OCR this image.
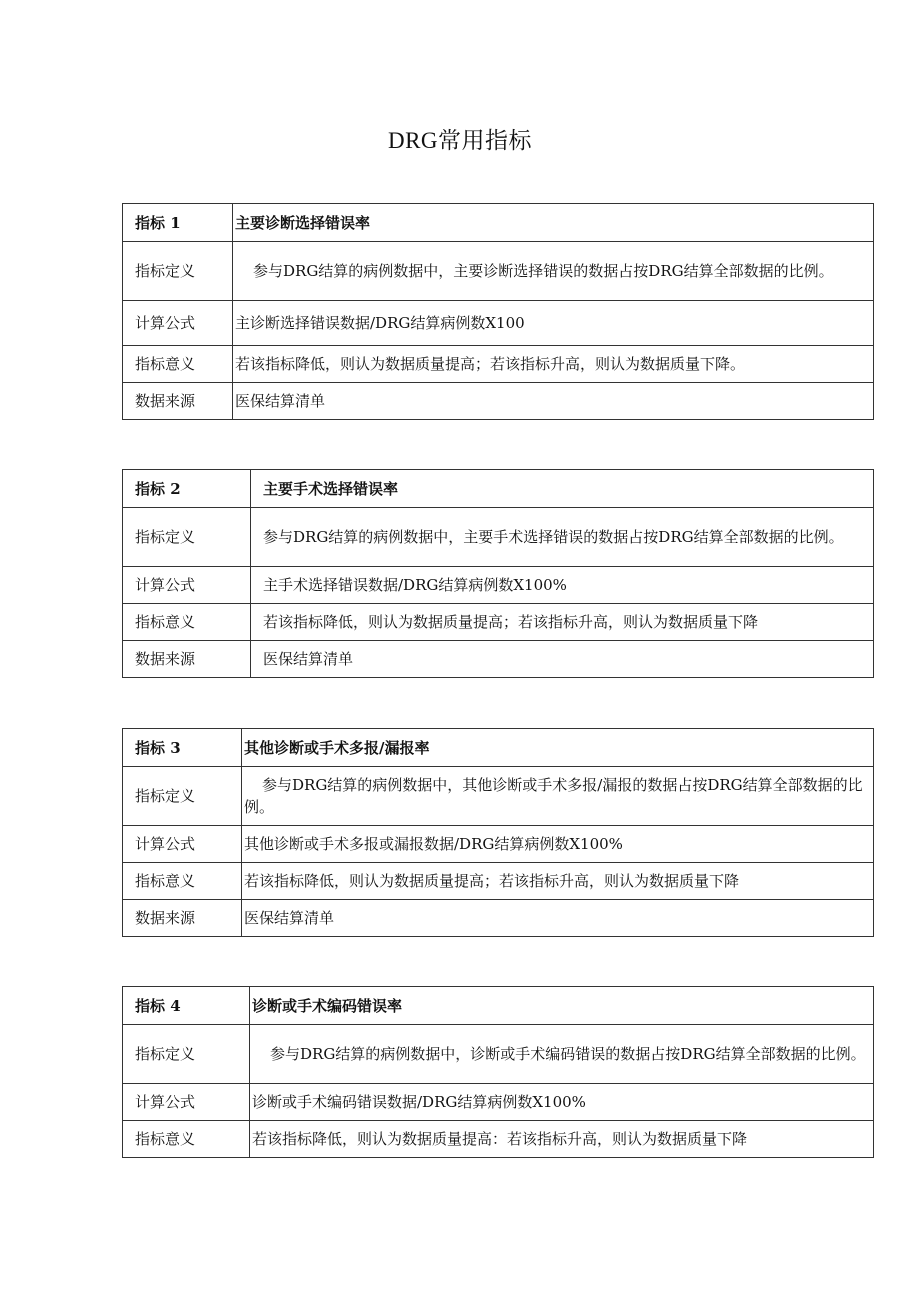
DRG常用指标
指标 1	主要诊断选择错误率
指标定义	参与DRG结算的病例数据中，主要诊断选择错误的数据占按DRG结算全部数据的比例。
计算公式	主诊断选择错误数据/DRG结算病例数X100
指标意义	若该指标降低，则认为数据质量提高；若该指标升高，则认为数据质量下降。
数据来源	医保结算清单
指标 2	主要手术选择错误率
指标定义	参与DRG结算的病例数据中，主要手术选择错误的数据占按DRG结算全部数据的比例。
计算公式	主手术选择错误数据/DRG结算病例数X100%
指标意义	若该指标降低，则认为数据质量提高；若该指标升高，则认为数据质量下降
数据来源	医保结算清单
指标 3	其他诊断或手术多报/漏报率
指标定义	参与DRG结算的病例数据中，其他诊断或手术多报/漏报的数据占按DRG结算全部数据的比例。
计算公式	其他诊断或手术多报或漏报数据/DRG结算病例数X100%
指标意义	若该指标降低，则认为数据质量提高；若该指标升高，则认为数据质量下降
数据来源	医保结算清单
指标 4	诊断或手术编码错误率
指标定义	参与DRG结算的病例数据中，诊断或手术编码错误的数据占按DRG结算全部数据的比例。
计算公式	诊断或手术编码错误数据/DRG结算病例数X100%
指标意义	若该指标降低，则认为数据质量提高：若该指标升高，则认为数据质量下降
